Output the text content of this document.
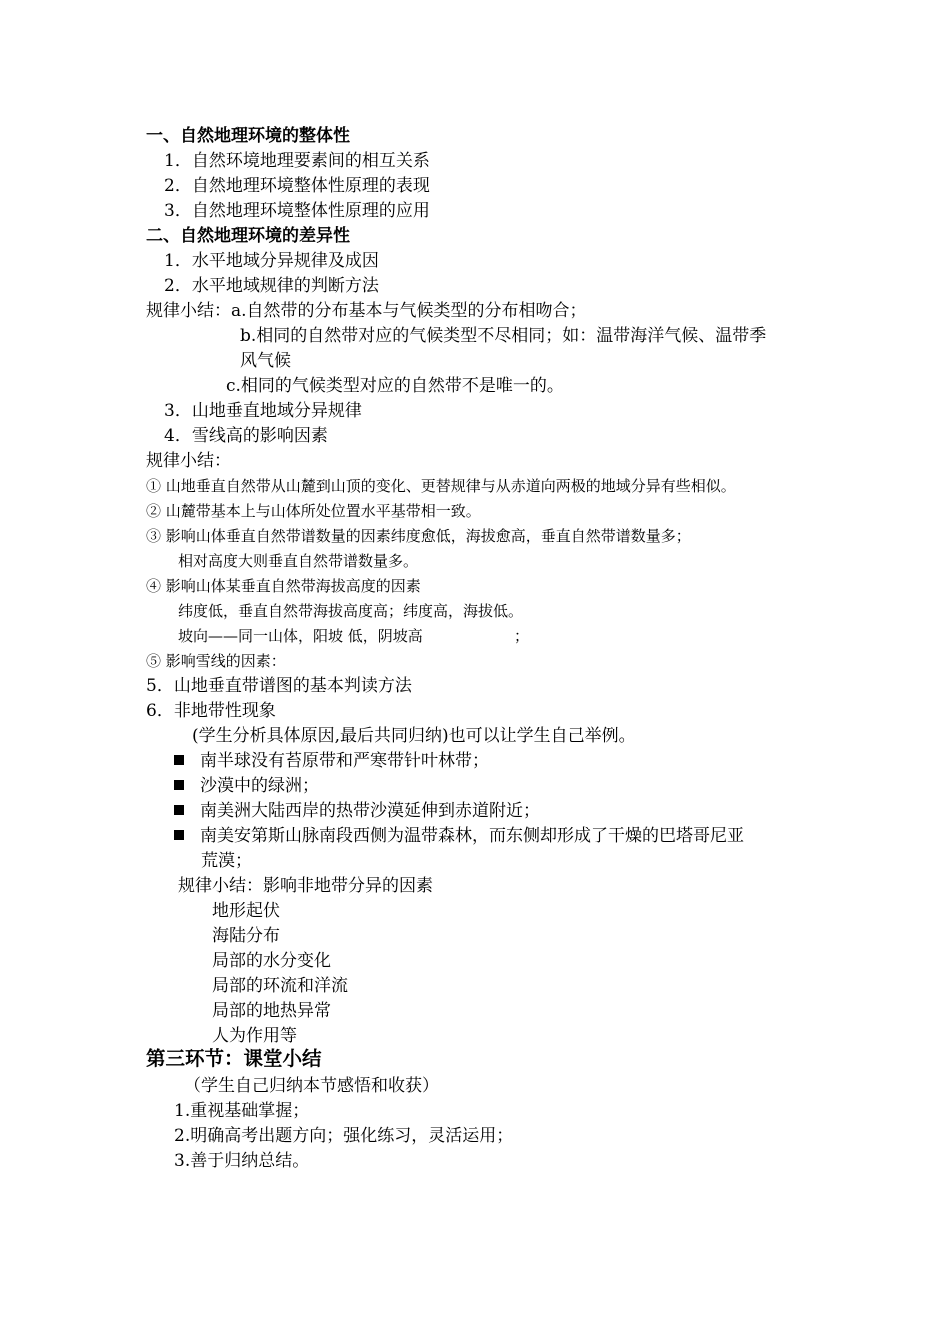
一、自然地理环境的整体性
1．自然环境地理要素间的相互关系
2．自然地理环境整体性原理的表现
3．自然地理环境整体性原理的应用
二、自然地理环境的差异性
1．水平地域分异规律及成因
2．水平地域规律的判断方法
规律小结：a.自然带的分布基本与气候类型的分布相吻合；
b.相同的自然带对应的气候类型不尽相同；如：温带海洋气候、温带季
风气候
c.相同的气候类型对应的自然带不是唯一的。
3．山地垂直地域分异规律
4．雪线高的影响因素
规律小结：
① 山地垂直自然带从山麓到山顶的变化、更替规律与从赤道向两极的地域分异有些相似。
② 山麓带基本上与山体所处位置水平基带相一致。
③ 影响山体垂直自然带谱数量的因素纬度愈低，海拔愈高，垂直自然带谱数量多；
相对高度大则垂直自然带谱数量多。
④ 影响山体某垂直自然带海拔高度的因素
纬度低，垂直自然带海拔高度高；纬度高，海拔低。
坡向——同一山体，阳坡 低，阴坡高	；
⑤ 影响雪线的因素：
5．山地垂直带谱图的基本判读方法
6．非地带性现象
(学生分析具体原因,最后共同归纳)也可以让学生自己举例。
南半球没有苔原带和严寒带针叶林带；
沙漠中的绿洲；
南美洲大陆西岸的热带沙漠延伸到赤道附近；
南美安第斯山脉南段西侧为温带森林，而东侧却形成了干燥的巴塔哥尼亚
荒漠；
规律小结：影响非地带分异的因素
地形起伏
海陆分布
局部的水分变化
局部的环流和洋流
局部的地热异常
人为作用等
第三环节：课堂小结
（学生自己归纳本节感悟和收获）
1.重视基础掌握；
2.明确高考出题方向；强化练习，灵活运用；
3.善于归纳总结。
